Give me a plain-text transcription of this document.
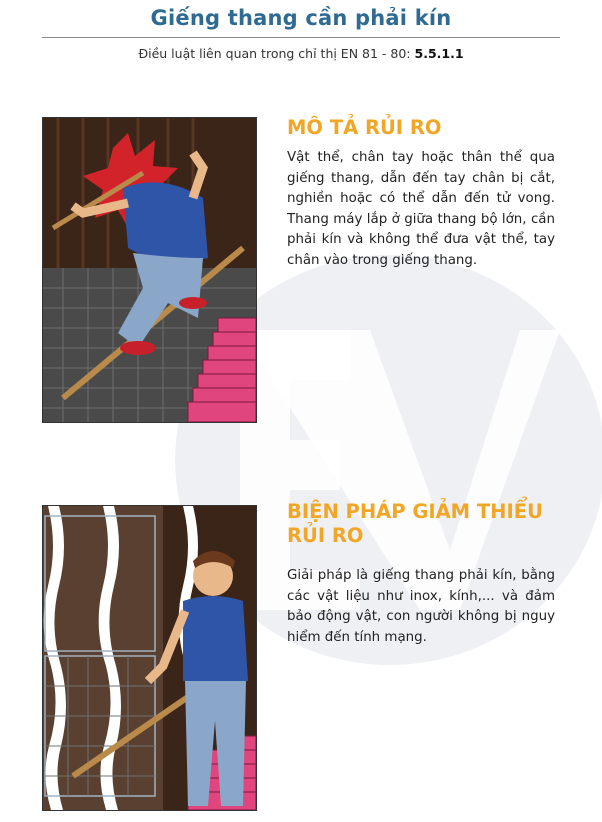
Giếng thang cần phải kín
Điều luật liên quan trong chỉ thị EN 81 - 80: 5.5.1.1
MÔ TẢ RỦI RO
Vật thể, chân tay hoặc thân thể qua giếng thang, dẫn đến tay chân bị cắt, nghiền hoặc có thể dẫn đến tử vong. Thang máy lắp ở giữa thang bộ lớn, cần phải kín và không thể đưa vật thể, tay chân vào trong giếng thang.
BIỆN PHÁP GIẢM THIỂU RỦI RO
Giải pháp là giếng thang phải kín, bằng các vật liệu như inox, kính,... và đảm bảo động vật, con người không bị nguy hiểm đến tính mạng.
